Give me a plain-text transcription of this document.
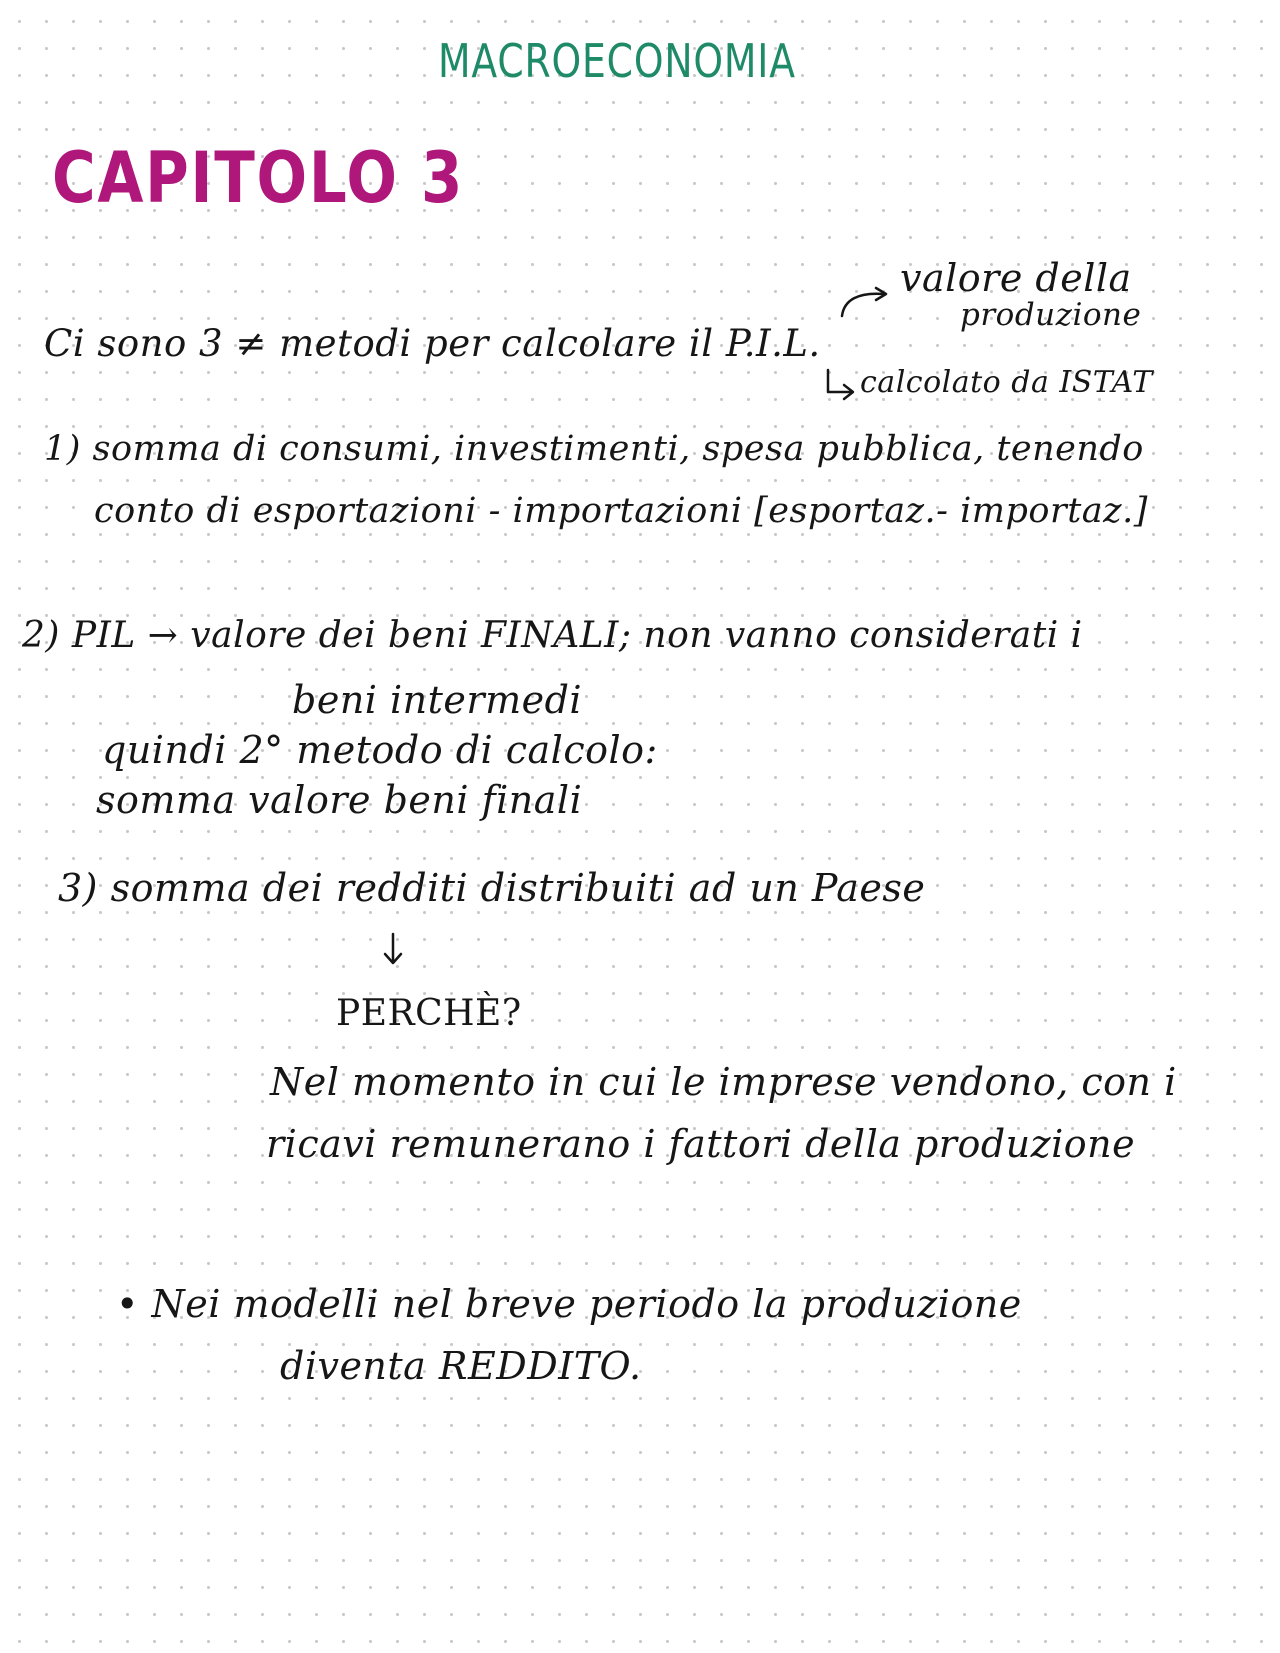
MACROECONOMIA
CAPITOLO 3
valore della
produzione
Ci sono 3 ≠ metodi per calcolare il P.I.L.
calcolato da ISTAT
1) somma di consumi, investimenti, spesa pubblica, tenendo
conto di esportazioni - importazioni [esportaz.- importaz.]
2) PIL → valore dei beni FINALI; non vanno considerati i
beni intermedi
quindi 2° metodo di calcolo:
somma valore beni finali
3) somma dei redditi distribuiti ad un Paese
PERCHÈ?
Nel momento in cui le imprese vendono, con i
ricavi remunerano i fattori della produzione
• Nei modelli nel breve periodo la produzione
diventa REDDITO.
